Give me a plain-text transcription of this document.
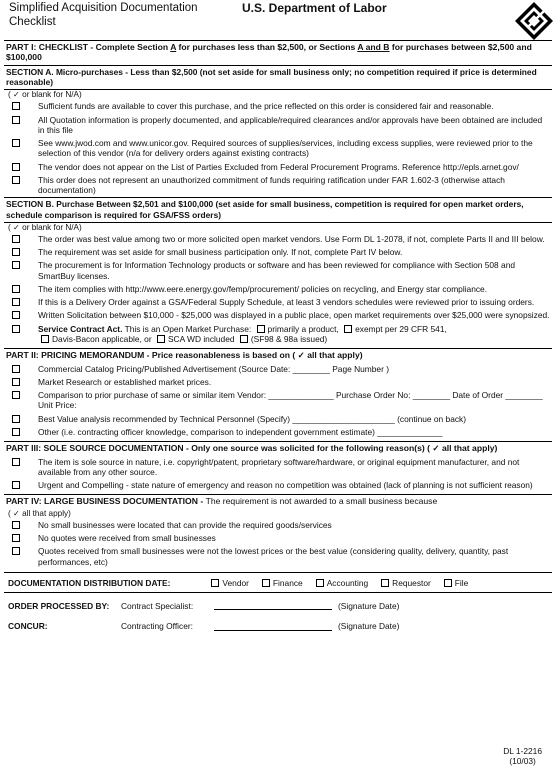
Simplified Acquisition Documentation
Checklist
U.S. Department of Labor
PART I: CHECKLIST - Complete Section A for purchases less than $2,500, or Sections A and B for purchases between $2,500 and $100,000
SECTION A. Micro-purchases - Less than $2,500 (not set aside for small business only; no competition required if price is determined reasonable)
( ✓ or blank for N/A)
Sufficient funds are available to cover this purchase, and the price reflected on this order is considered fair and reasonable.
All Quotation information is properly documented, and applicable/required clearances and/or approvals have been obtained are included in this file
See www.jwod.com and www.unicor.gov. Required sources of supplies/services, including excess supplies, were reviewed prior to the selection of this vendor (n/a for delivery orders against existing contracts)
The vendor does not appear on the List of Parties Excluded from Federal Procurement Programs. Reference http://epls.arnet.gov/
This order does not represent an unauthorized commitment of funds requiring ratification under FAR 1.602-3 (otherwise attach documentation)
SECTION B. Purchase Between $2,501 and $100,000 (set aside for small business, competition is required for open market orders, schedule comparison is required for GSA/FSS orders)
( ✓ or blank for N/A)
The order was best value among two or more solicited open market vendors. Use Form DL 1-2078, if not, complete Parts II and III below.
The requirement was set aside for small business participation only. If not, complete Part IV below.
The procurement is for Information Technology products or software and has been reviewed for compliance with Section 508 and SmartBuy licenses.
The item complies with http://www.eere.energy.gov/femp/procurement/ policies on recycling, and Energy star compliance.
If this is a Delivery Order against a GSA/Federal Supply Schedule, at least 3 vendors schedules were reviewed prior to issuing orders.
Written Solicitation between $10,000 - $25,000 was displayed in a public place, open market requirements over $25,000 were synopsized.
Service Contract Act. This is an Open Market Purchase: primarily a product, exempt per 29 CFR 541,
Davis-Bacon applicable, or SCA WD included (SF98 & 98a issued)
PART II: PRICING MEMORANDUM - Price reasonableness is based on ( ✓ all that apply)
Commercial Catalog Pricing/Published Advertisement (Source Date: ________ Page Number )
Market Research or established market prices.
Comparison to prior purchase of same or similar item Vendor: ______________ Purchase Order No: ________ Date of Order ________ Unit Price:
Best Value analysis recommended by Technical Personnel (Specify) ______________________ (continue on back)
Other (i.e. contracting officer knowledge, comparison to independent government estimate) ______________
PART III: SOLE SOURCE DOCUMENTATION - Only one source was solicited for the following reason(s) ( ✓ all that apply)
The item is sole source in nature, i.e. copyright/patent, proprietary software/hardware, or original equipment manufacturer, and not available from any other source.
Urgent and Compelling - state nature of emergency and reason no competition was obtained (lack of planning is not sufficient reason)
PART IV: LARGE BUSINESS DOCUMENTATION - The requirement is not awarded to a small business because
( ✓ all that apply)
No small businesses were located that can provide the required goods/services
No quotes were received from small businesses
Quotes received from small businesses were not the lowest prices or the best value (considering quality, delivery, quantity, past performances, etc)
DOCUMENTATION DISTRIBUTION DATE:	Vendor	Finance	Accounting	Requestor	File
ORDER PROCESSED BY:	Contract Specialist:	(Signature Date)
CONCUR:	Contracting Officer:	(Signature Date)
DL 1-2216
(10/03)
